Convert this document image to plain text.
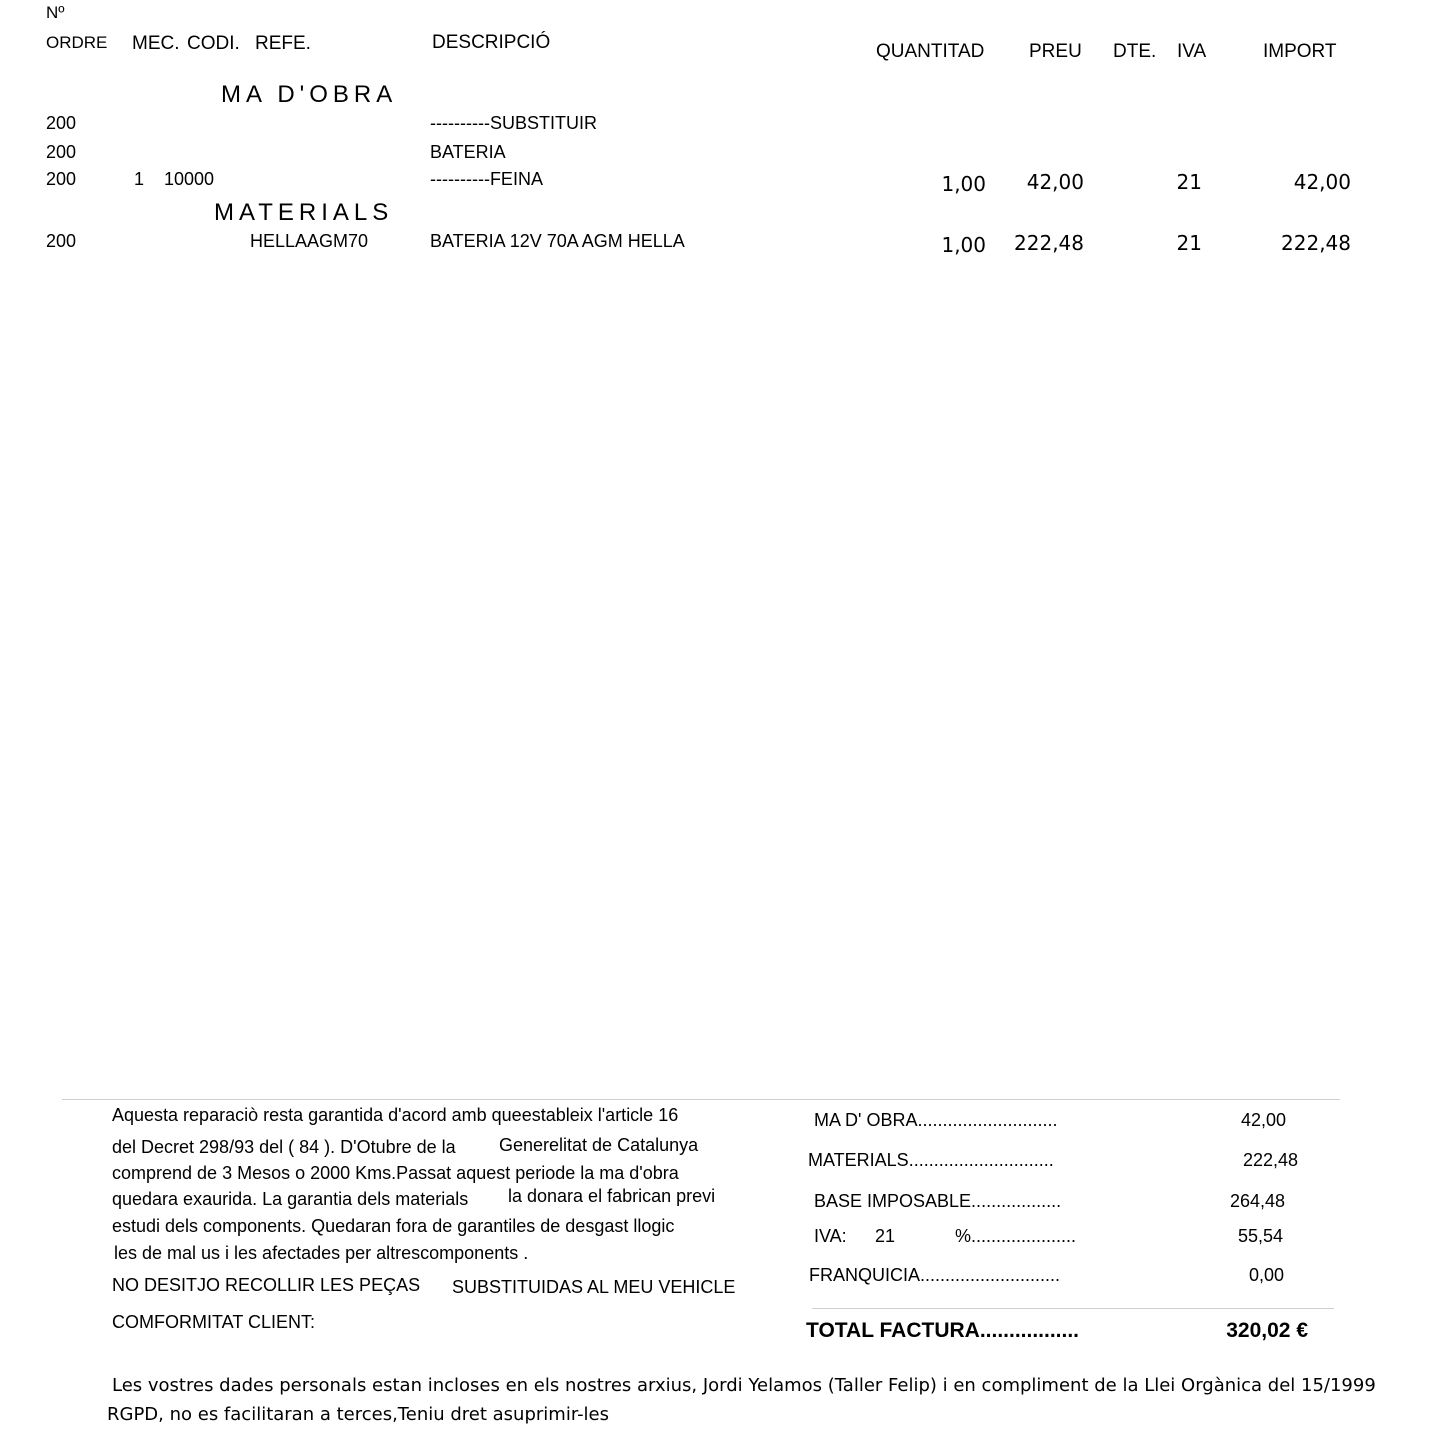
Nº
ORDRE MEC. CODI. REFE.	DESCRIPCIÓ	QUANTITAD PREU DTE. IVA	IMPORT
MA D'OBRA
200	----------SUBSTITUIR
200	BATERIA
200	1 10000	----------FEINA	1,00	42,00	21	42,00
MATERIALS
200	HELLAAGM70	BATERIA 12V 70A AGM HELLA	1,00	222,48	21	222,48
Aquesta reparaciò resta garantida d'acord amb queestableix l'article 16
del Decret 298/93 del ( 84 ). D'Otubre de la Generelitat de Catalunya
comprend de 3 Mesos o 2000 Kms.Passat aquest periode la ma d'obra
quedara exaurida. La garantia dels materials la donara el fabrican previ
estudi dels components. Quedaran fora de garantiles de desgast llogic
les de mal us i les afectades per altrescomponents .
NO DESITJO RECOLLIR LES PEÇAS SUBSTITUIDAS AL MEU VEHICLE
COMFORMITAT CLIENT:
MA D' OBRA............................	42,00
MATERIALS.............................	222,48
BASE IMPOSABLE..................	264,48
IVA: 21	%.....................	55,54
FRANQUICIA............................	0,00
TOTAL FACTURA.................	320,02 €
Les vostres dades personals estan incloses en els nostres arxius, Jordi Yelamos (Taller Felip) i en compliment de la Llei Orgànica del 15/1999
RGPD, no es facilitaran a terces,Teniu dret asuprimir-les
